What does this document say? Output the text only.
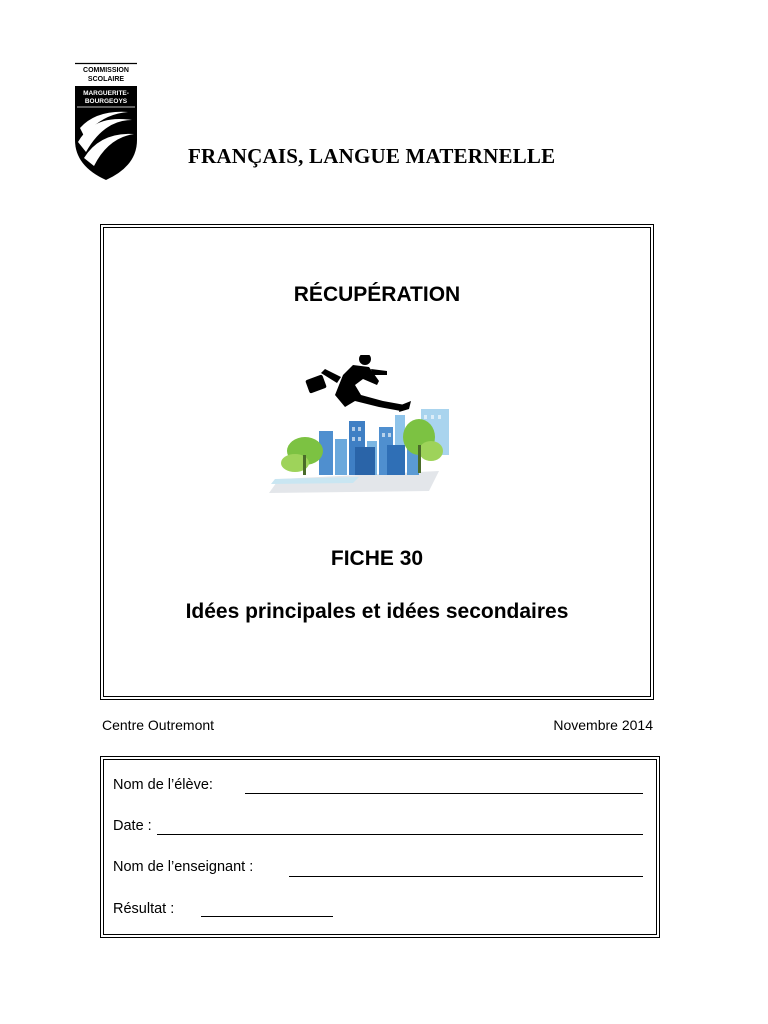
COMMISSION
SCOLAIRE
MARGUERITE-
BOURGEOYS
FRANÇAIS, LANGUE MATERNELLE
RÉCUPÉRATION
FICHE 30
Idées principales et idées secondaires
Centre Outremont	Novembre 2014
Nom de l’élève:
Date :
Nom de l’enseignant :
Résultat :
